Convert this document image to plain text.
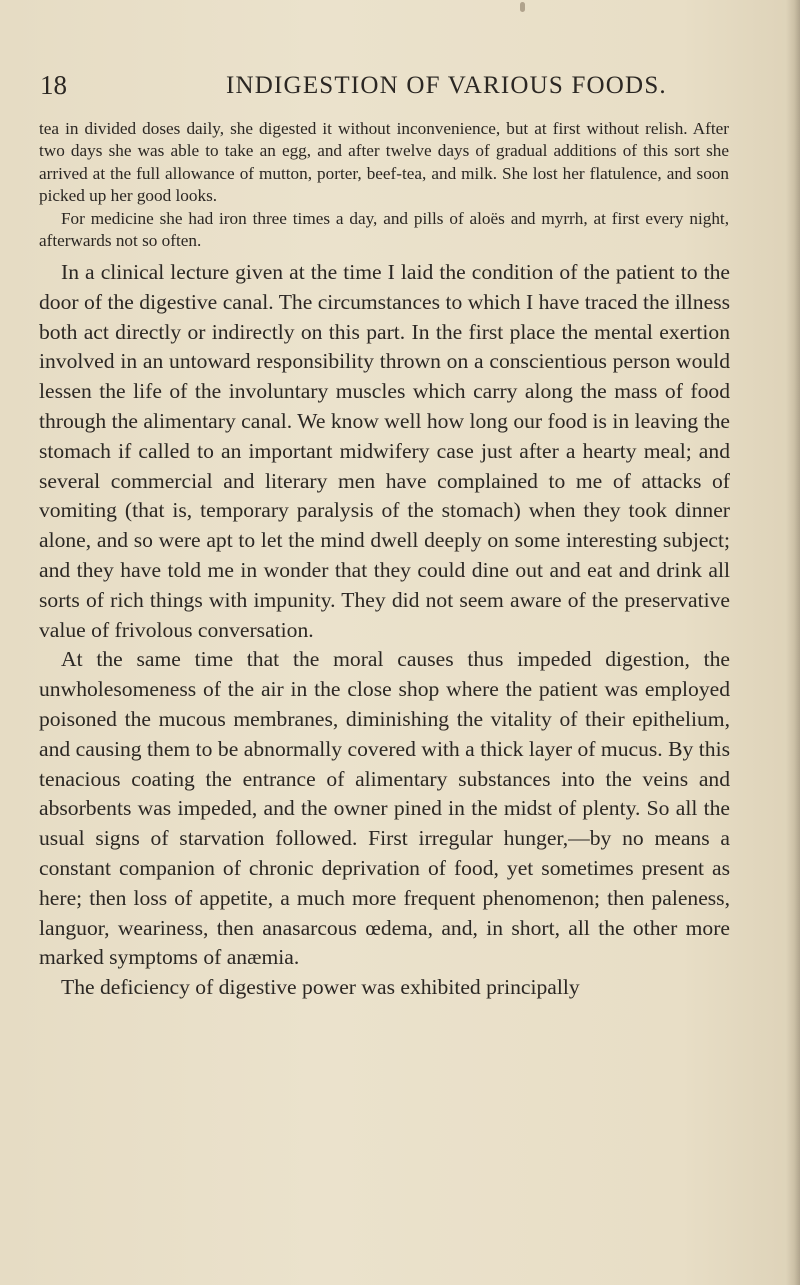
18	INDIGESTION OF VARIOUS FOODS.

tea in divided doses daily, she digested it without inconvenience, but at first without relish. After two days she was able to take an egg, and after twelve days of gradual additions of this sort she arrived at the full allowance of mutton, porter, beef-tea, and milk. She lost her flatulence, and soon picked up her good looks.

For medicine she had iron three times a day, and pills of aloës and myrrh, at first every night, afterwards not so often.

In a clinical lecture given at the time I laid the condition of the patient to the door of the digestive canal. The circumstances to which I have traced the illness both act directly or indirectly on this part. In the first place the mental exertion involved in an untoward responsibility thrown on a conscientious person would lessen the life of the involuntary muscles which carry along the mass of food through the alimentary canal. We know well how long our food is in leaving the stomach if called to an important midwifery case just after a hearty meal; and several commercial and literary men have complained to me of attacks of vomiting (that is, temporary paralysis of the stomach) when they took dinner alone, and so were apt to let the mind dwell deeply on some interesting subject; and they have told me in wonder that they could dine out and eat and drink all sorts of rich things with impunity. They did not seem aware of the preservative value of frivolous conversation.

At the same time that the moral causes thus impeded digestion, the unwholesomeness of the air in the close shop where the patient was employed poisoned the mucous membranes, diminishing the vitality of their epithelium, and causing them to be abnormally covered with a thick layer of mucus. By this tenacious coating the entrance of alimentary substances into the veins and absorbents was impeded, and the owner pined in the midst of plenty. So all the usual signs of starvation followed. First irregular hunger,—by no means a constant companion of chronic deprivation of food, yet sometimes present as here; then loss of appetite, a much more frequent phenomenon; then paleness, languor, weariness, then anasarcous œdema, and, in short, all the other more marked symptoms of anæmia.

The deficiency of digestive power was exhibited principally
